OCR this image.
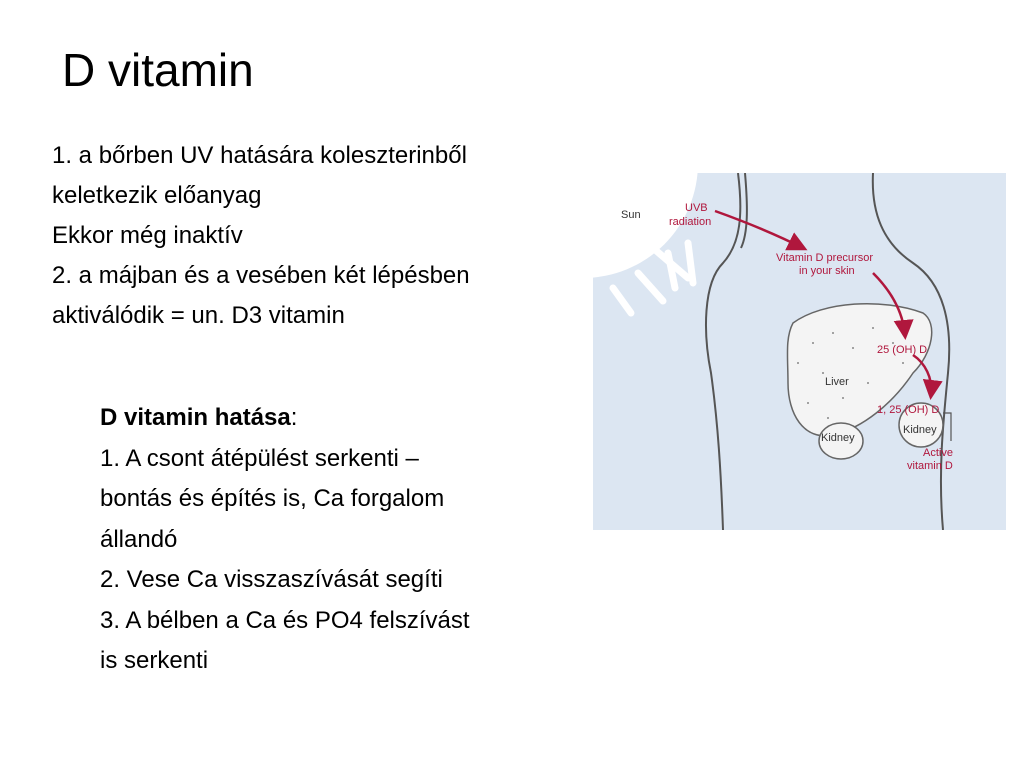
D vitamin
1. a bőrben UV hatására koleszterinből
keletkezik előanyag
Ekkor még inaktív
2. a májban és a vesében két lépésben
aktiválódik = un. D3 vitamin
D vitamin hatása:
1. A csont átépülést serkenti –
bontás és építés is, Ca forgalom
állandó
2. Vese Ca visszaszívását segíti
3. A bélben a Ca és PO4 felszívást
is serkenti
Sun
Liver
Kidney
Kidney
UVB
radiation
Vitamin D precursor
in your skin
25 (OH) D
1, 25 (OH) D
Active
vitamin D
